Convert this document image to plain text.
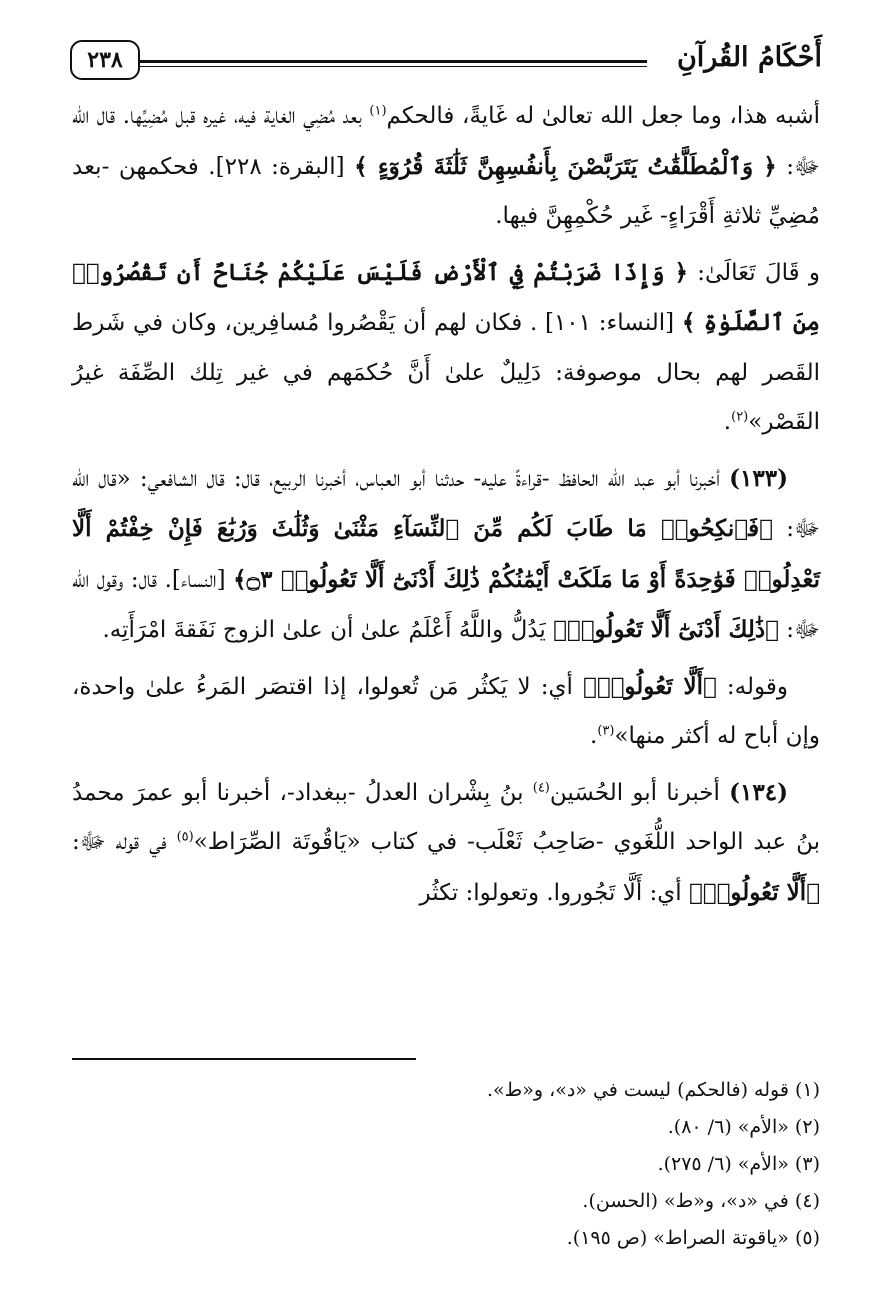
أَحْكَامُ القُرآنِ
٢٣٨

أشبه هذا، وما جعل الله تعالىٰ له غَايةً، فالحكم$^{(١)}$ بعد مُضِي الغاية فيه، غيره قبل مُضِيِّها. قال الله ﷻ: ﴿ وَٱلْمُطَلَّقَٰتُ يَتَرَبَّصْنَ بِأَنفُسِهِنَّ ثَلَٰثَةَ قُرُوٓءٍ ﴾ [البقرة: ٢٢٨]. فحكمهن -بعد مُضِيِّ ثلاثةِ أَقْرَاءٍ- غَير حُكْمِهِنَّ فيها.

و قَالَ تَعَالَىٰ: ﴿ وَإِذَا ضَرَبْتُمْ فِي ٱلْأَرْضِ فَلَيْسَ عَلَيْكُمْ جُنَاحٌ أَن تَقْصُرُوا۟ مِنَ ٱلصَّلَوٰةِ ﴾ [النساء: ١٠١] . فكان لهم أن يَقْصُروا مُسافِرين، وكان في شَرط القَصر لهم بحال موصوفة: دَلِيلٌ علىٰ أَنَّ حُكمَهم في غير تِلك الصِّفَة غيرُ القَصْر»$^{(٢)}$.

(١٣٣) أخبرنا أبو عبد الله الحافظ -قراءةً عليه- حدثنا أبو العباس، أخبرنا الربيع، قال: قال الشافعي: «قال الله ﷻ: ﴿فَٱنكِحُوا۟ مَا طَابَ لَكُم مِّنَ ٱلنِّسَآءِ مَثْنَىٰ وَثُلَٰثَ وَرُبَٰعَ فَإِنْ خِفْتُمْ أَلَّا تَعْدِلُوا۟ فَوَٰحِدَةً أَوْ مَا مَلَكَتْ أَيْمَٰنُكُمْ ذَٰلِكَ أَدْنَىٰٓ أَلَّا تَعُولُوا۟ ۝٣﴾ [النساء]. قال: وقول الله ﷻ: ﴿ذَٰلِكَ أَدْنَىٰٓ أَلَّا تَعُولُوا۟﴾ يَدُلُّ واللَّهُ أَعْلَمُ علىٰ أن علىٰ الزوج نَفَقةَ امْرَأَتِه.

وقوله: ﴿أَلَّا تَعُولُوا۟﴾ أي: لا يَكثُر مَن تُعولوا، إذا اقتصَر المَرءُ علىٰ واحدة، وإن أباح له أكثر منها»$^{(٣)}$.

(١٣٤) أخبرنا أبو الحُسَين$^{(٤)}$ بنُ بِشْران العدلُ -ببغداد-، أخبرنا أبو عمرَ محمدُ بنُ عبد الواحد اللُّغَوي -صَاحِبُ ثَعْلَب- في كتاب «يَاقُوتَة الصِّرَاط»$^{(٥)}$ في قوله ﷻ: ﴿أَلَّا تَعُولُوا۟﴾ أي: أَلَّا تَجُوروا. وتعولوا: تكثُر

(١) قوله (فالحكم) ليست في «د»، و«ط».

(٢) «الأم» (٦/ ٨٠).

(٣) «الأم» (٦/ ٢٧٥).

(٤) في «د»، و«ط» (الحسن).

(٥) «ياقوتة الصراط» (ص ١٩٥).
